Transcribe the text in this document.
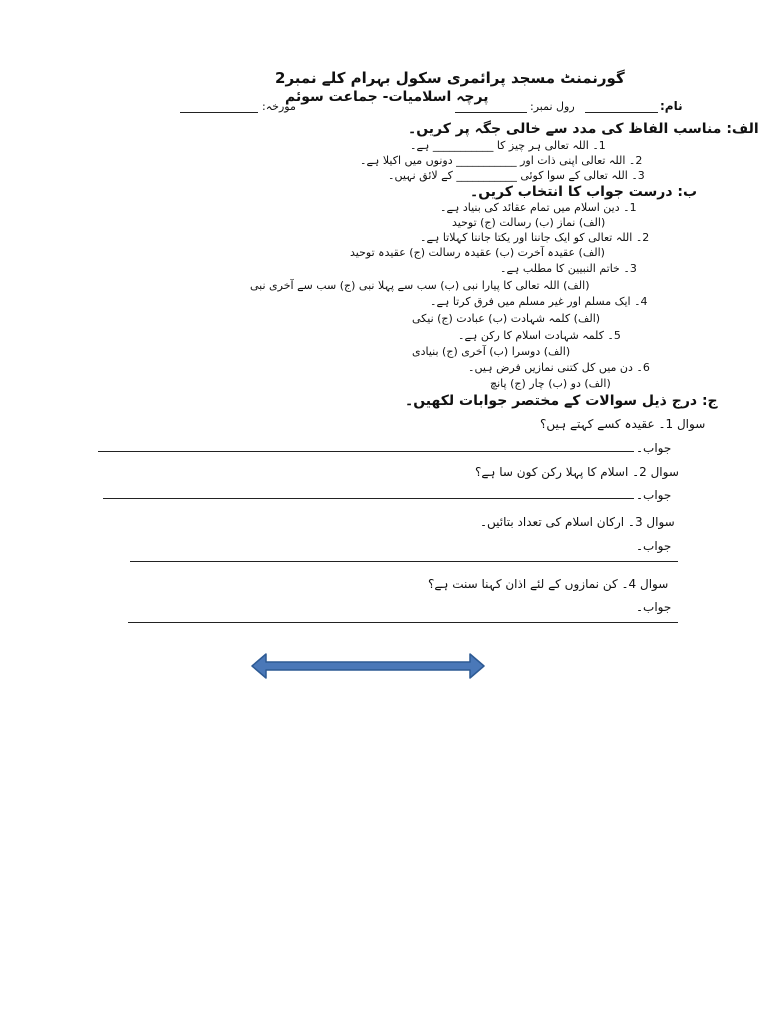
گورنمنٹ مسجد پرائمری سکول بہرام کلے نمبر2
پرچہ اسلامیات- جماعت سوئم
نام:
رول نمبر:
مورخہ:
الف: مناسب الفاظ کی مدد سے خالی جگہ پر کریں۔
1۔ اللہ تعالی ہر چیز کا ___________ ہے۔
2۔ اللہ تعالی اپنی ذات اور ___________ دونوں میں اکیلا ہے۔
3۔ اللہ تعالی کے سوا کوئی ___________ کے لائق نہیں۔
ب: درست جواب کا انتخاب کریں۔
1۔ دین اسلام میں تمام عقائد کی بنیاد ہے۔
(الف) نماز (ب) رسالت (ج) توحید
2۔ اللہ تعالی کو ایک جاننا اور یکتا جاننا کہلاتا ہے۔
(الف) عقیدہ آخرت (ب) عقیدہ رسالت (ج) عقیدہ توحید
3۔ خاتم النبیین کا مطلب ہے۔
(الف) اللہ تعالی کا پیارا نبی (ب) سب سے پہلا نبی (ج) سب سے آخری نبی
4۔ ایک مسلم اور غیر مسلم میں فرق کرتا ہے۔
(الف) کلمہ شہادت (ب) عبادت (ج) نیکی
5۔ کلمہ شہادت اسلام کا رکن ہے۔
(الف) دوسرا (ب) آخری (ج) بنیادی
6۔ دن میں کل کتنی نمازیں فرض ہیں۔
(الف) دو (ب) چار (ج) پانچ
ج: درج ذیل سوالات کے مختصر جوابات لکھیں۔
سوال 1۔ عقیدہ کسے کہتے ہیں؟
جواب۔
سوال 2۔ اسلام کا پہلا رکن کون سا ہے؟
جواب۔
سوال 3۔ ارکان اسلام کی تعداد بتائیں۔
جواب۔
سوال 4۔ کن نمازوں کے لئے اذان کہنا سنت ہے؟
جواب۔
